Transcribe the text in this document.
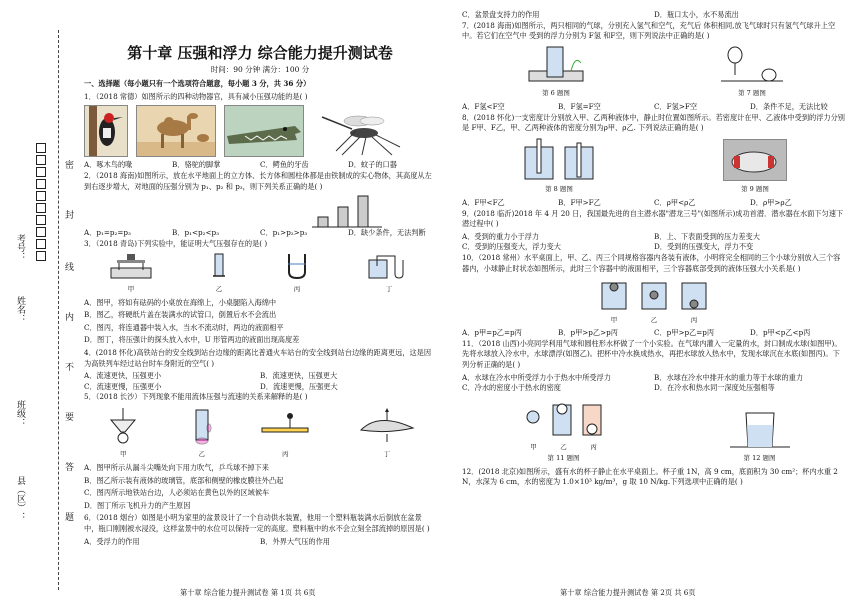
县（区）：
班级：
姓名：
考号：
密
封
线
内
不
要
答
题
第十章 压强和浮力 综合能力提升测试卷
时间：90 分钟 满分：100 分

一、选择题（每小题只有一个选项符合题意，每小题 3 分，共 36 分）

1．（2018 常德）如图所示的四种动物器官，具有减小压强功能的是( )

A．啄木鸟的喙	B．骆驼的脚掌	C．鳄鱼的牙齿	D．蚊子的口器

2．（2018 海南)如图所示，放在水平地面上的立方体、长方体和圆柱体都是由铁制成的实心物体，其高度从左到右逐步增大，对地面的压强分别为 p₁、p₂ 和 p₃，则下列关系正确的是( )

A．p₁=p₂=p₃	B．p₁<p₂<p₃	C．p₁>p₂>p₃	D．缺少条件，无法判断

3．（2018 青岛)下列实验中，能证明大气压强存在的是( )

甲	乙	丙	丁

A．图甲，将如有砝码的小桌放在海绵上，小桌腿陷入海绵中

B．图乙，将硬纸片盖在装满水的试管口，倒置后水不会流出

C．图丙，将连通器中装入水，当水不流动时，两边的液面相平

D．图丁，将压强计的探头放入水中，U 形管两边的液面出现高度差

4．(2018 怀化)高铁站台的安全线到站台边缘的距离比普通火车站台的安全线到站台边缘的距离更远，这是因为高铁列车经过站台时车身附近的空气( )

A．流速更快，压强更小	B．流速更快，压强更大
C．流速更慢，压强更小	D．流速更慢，压强更大

5．（2018 长沙）下列现象不能用流体压强与流速的关系来解释的是( )

甲	乙	丙	丁

A．图甲所示从漏斗尖嘴处向下用力吹气，乒乓球不掉下来

B．图乙所示装有液体的玻璃管，底部和侧壁的橡皮膜往外凸起

C．图丙所示地铁站台边，人必须站在黄色以外的区域候车

D．图丁所示飞机升力的产生原因

6．（2018 烟台）如图是小明为家里的盆景设计了一个自动供水装置，他用一个塑料瓶装满水后倒放在盆景中，瓶口刚刚被水浸没，这样盆景中的水位可以保持一定的高度。塑料瓶中的水不会立刻全部流掉的原因是( )

A．受浮力的作用	B．外界大气压的作用
第十章 综合能力提升测试卷 第 1页 共 6页
C．盆景盘支持力的作用	D．瓶口太小，水不易流出

7．(2018 海南)如图所示，两只相同的气球，分别充入氢气和空气，充气后 体积相同,放飞气球时只有氢气气球升上空中。若它们在空气中 受到的浮力分别为 F氢 和F空，则下列说法中正确的是( )

第 6 题图	第 7 题图
A．F氢<F空	B．F氢=F空	C．F氢>F空	D．条件不足，无法比较

8．(2018 怀化)一支密度计分别放入甲、乙两种液体中，静止时位置如图所示。若密度计在甲、乙液体中受到的浮力分别是 F甲、F乙，甲、乙两种液体的密度分别为ρ甲、ρ乙. 下列说法正确的是( )

第 8 题图	第 9 题图
A．F甲<F乙	B．F甲>F乙	C．ρ甲<ρ乙	D．ρ甲>ρ乙

9．(2018 临沂)2018 年 4 月 20 日，我国最先进的自主潜水器"潜龙三号"(如图所示)成功首潜．潜水器在水面下匀速下潜过程中( )

A．受到的重力小于浮力	B．上、下表面受到的压力差变大
C．受到的压强变大，浮力变大	D．受到的压强变大，浮力不变

10．（2018 常州）水平桌面上，甲、乙、丙三个同规格容器内各装有液体，小明将完全相同的三个小球分别放入三个容器内，小球静止时状态如图所示，此时三个容器中的液面相平，三个容器底部受到的液体压强大小关系是( )

甲	乙	丙
A．p甲=p乙=p丙	B．p甲>p乙>p丙	C．p甲>p乙=p丙	D．p甲<p乙<p丙

11．（2018 山西)小亮同学利用气球和圆柱形水杯做了一个小实验。在气球内灌入一定量的水，封口制成水球(如图甲)。先将水球放入冷水中，水球漂浮(如图乙)。把杯中冷水换成热水，再把水球放入热水中，发现水球沉在水底(如图丙)。下列分析正确的是( )

A．水球在冷水中所受浮力小于热水中所受浮力	B．水球在冷水中排开水的重力等于水球的重力
C．冷水的密度小于热水的密度	D．在冷水和热水同一深度处压强相等
甲	乙	丙
第 11 题图	第 12 题图

12．(2018 北京)如图所示，盛有水的杯子静止在水平桌面上。杯子重 1N，高 9 cm，底面积为 30 cm²；杯内水重 2 N，水深为 6 cm，水的密度为 1.0×10³ kg/m³，g 取 10 N/kg.下列选项中正确的是( )

第十章 综合能力提升测试卷 第 2页 共 6页
